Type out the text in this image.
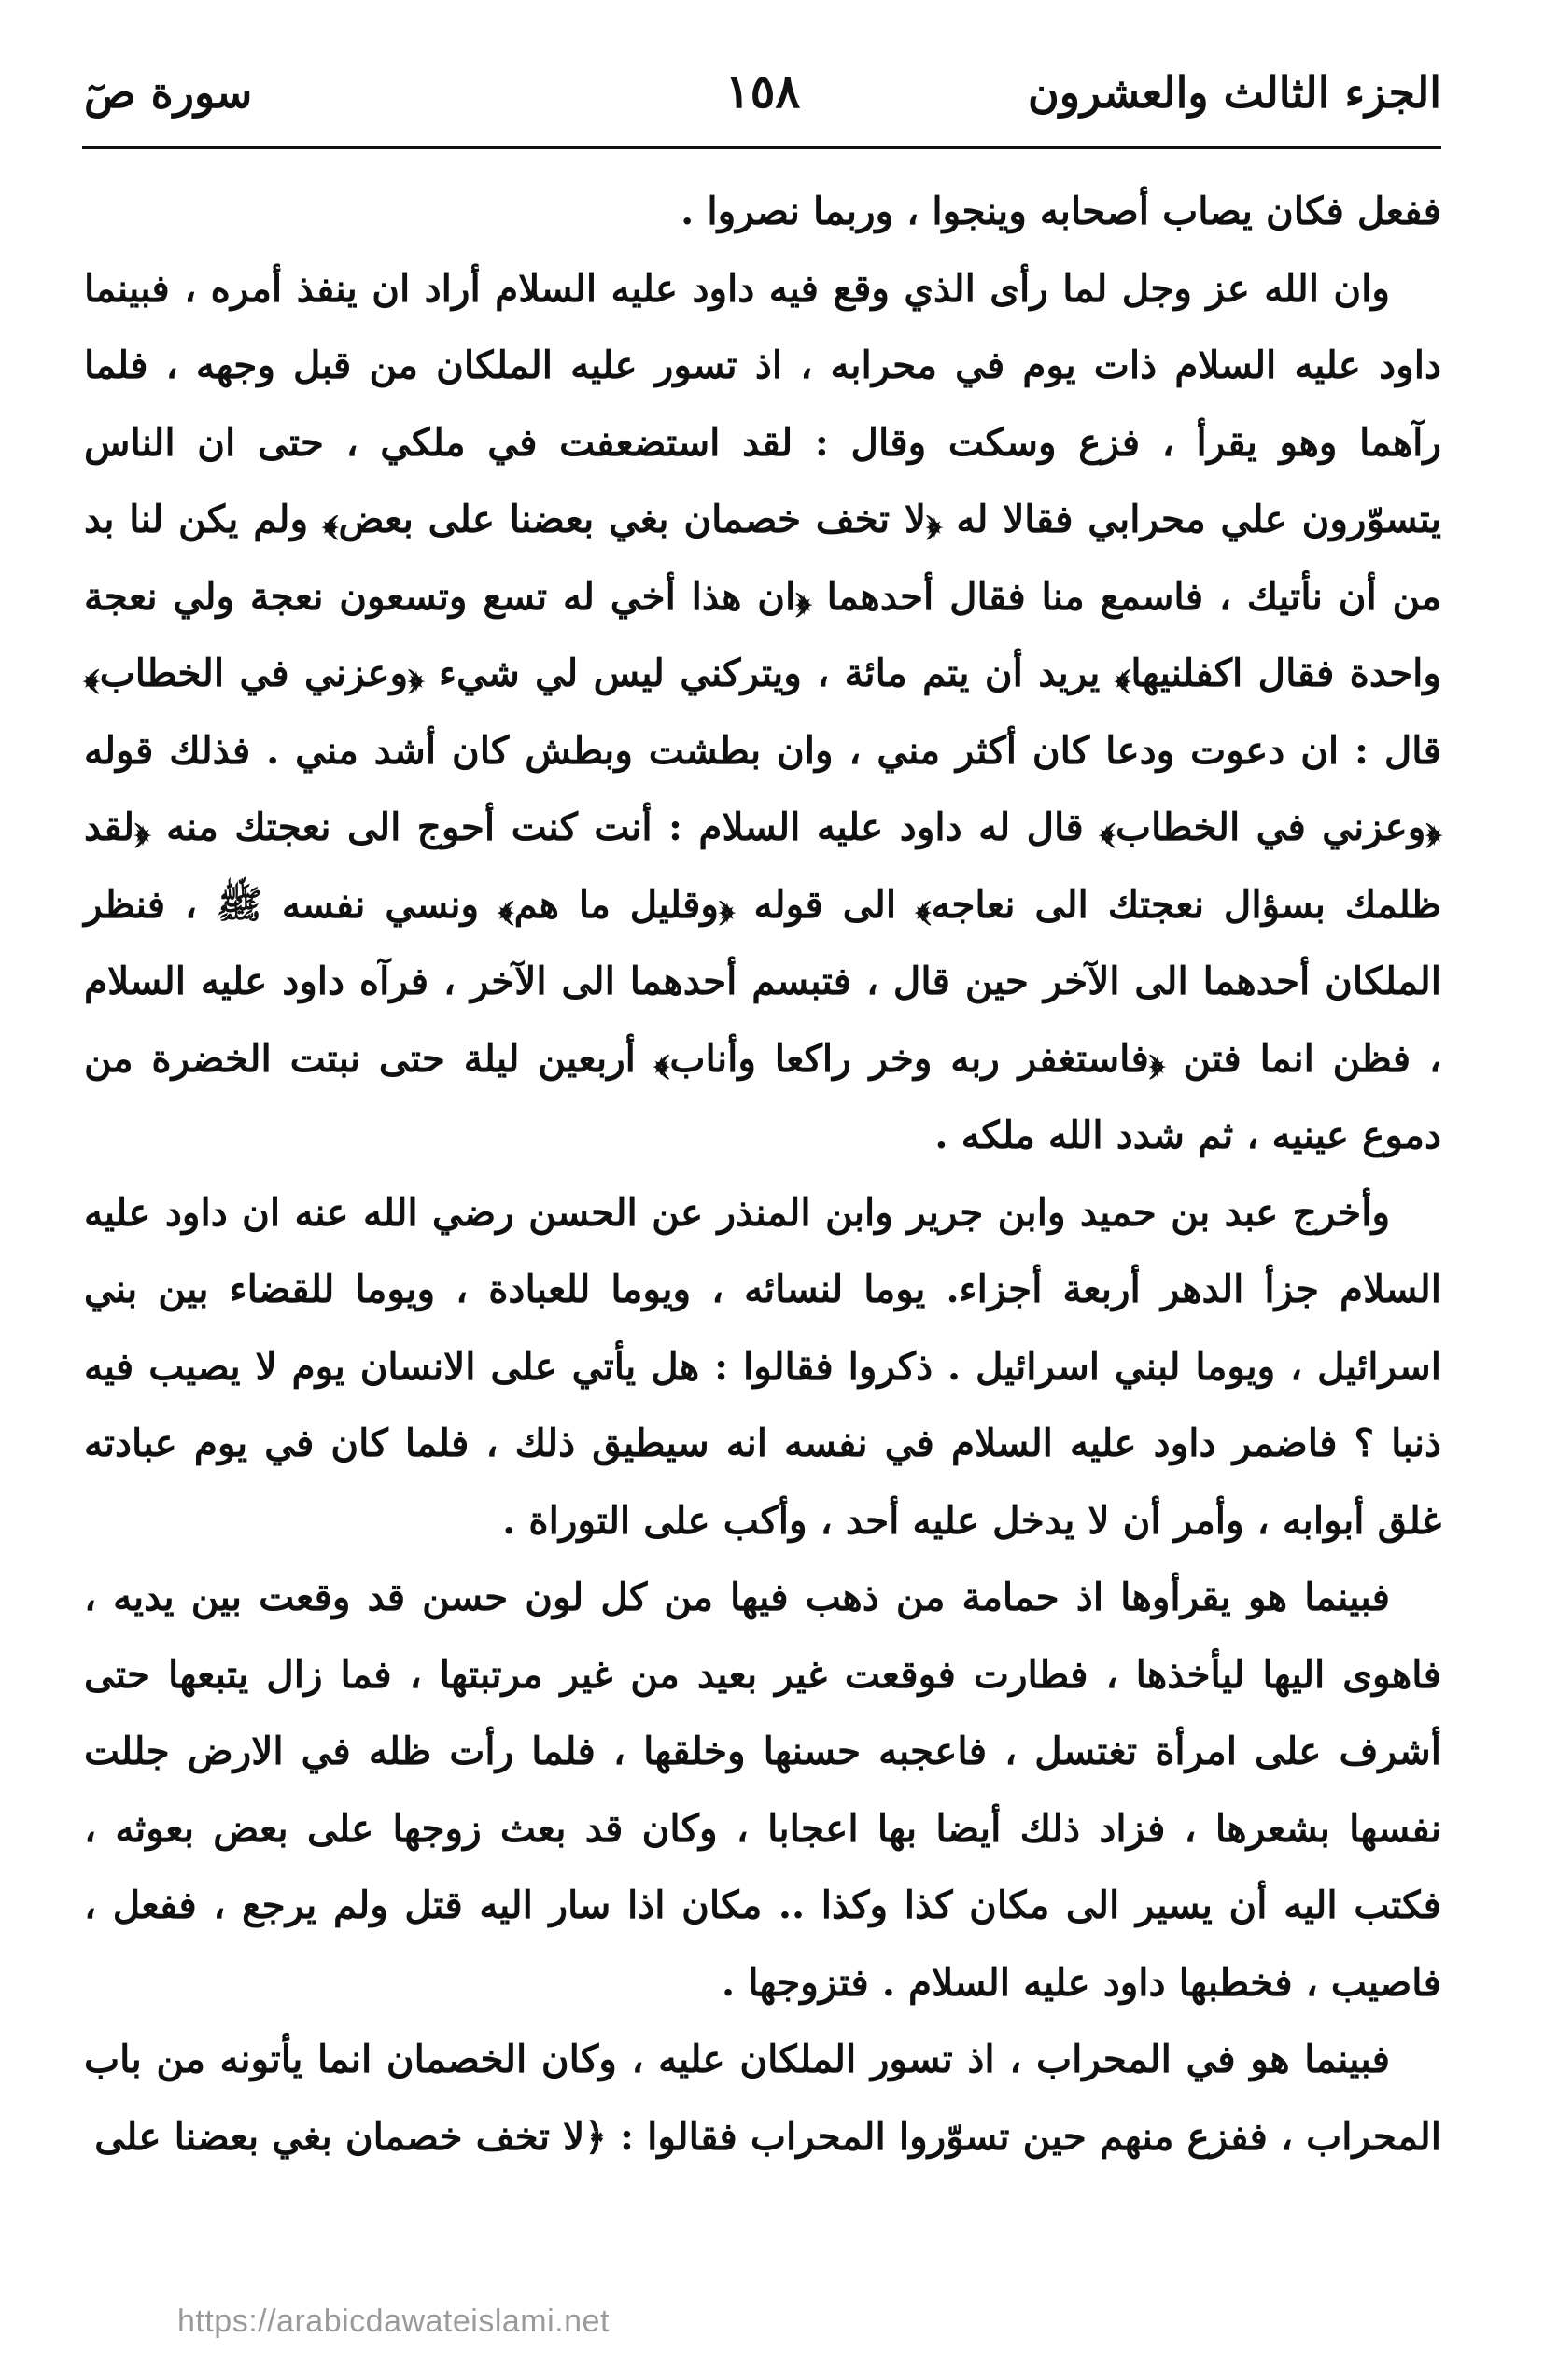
الجزء الثالث والعشرون
١٥٨
سورة صٓ

ففعل فكان يصاب أصحابه وينجوا ، وربما نصروا .

وان الله عز وجل لما رأى الذي وقع فيه داود عليه السلام أراد ان ينفذ أمره ، فبينما داود عليه السلام ذات يوم في محرابه ، اذ تسور عليه الملكان من قبل وجهه ، فلما رآهما وهو يقرأ ، فزع وسكت وقال : لقد استضعفت في ملكي ، حتى ان الناس يتسوّرون علي محرابي فقالا له ﴿لا تخف خصمان بغي بعضنا على بعض﴾ ولم يكن لنا بد من أن نأتيك ، فاسمع منا فقال أحدهما ﴿ان هذا أخي له تسع وتسعون نعجة ولي نعجة واحدة فقال اكفلنيها﴾ يريد أن يتم مائة ، ويتركني ليس لي شيء ﴿وعزني في الخطاب﴾ قال : ان دعوت ودعا كان أكثر مني ، وان بطشت وبطش كان أشد مني . فذلك قوله ﴿وعزني في الخطاب﴾ قال له داود عليه السلام : أنت كنت أحوج الى نعجتك منه ﴿لقد ظلمك بسؤال نعجتك الى نعاجه﴾ الى قوله ﴿وقليل ما هم﴾ ونسي نفسه ﷺ ، فنظر الملكان أحدهما الى الآخر حين قال ، فتبسم أحدهما الى الآخر ، فرآه داود عليه السلام ، فظن انما فتن ﴿فاستغفر ربه وخر راكعا وأناب﴾ أربعين ليلة حتى نبتت الخضرة من دموع عينيه ، ثم شدد الله ملكه .

وأخرج عبد بن حميد وابن جرير وابن المنذر عن الحسن رضي الله عنه ان داود عليه السلام جزأ الدهر أربعة أجزاء. يوما لنسائه ، ويوما للعبادة ، ويوما للقضاء بين بني اسرائيل ، ويوما لبني اسرائيل . ذكروا فقالوا : هل يأتي على الانسان يوم لا يصيب فيه ذنبا ؟ فاضمر داود عليه السلام في نفسه انه سيطيق ذلك ، فلما كان في يوم عبادته غلق أبوابه ، وأمر أن لا يدخل عليه أحد ، وأكب على التوراة .

فبينما هو يقرأوها اذ حمامة من ذهب فيها من كل لون حسن قد وقعت بين يديه ، فاهوى اليها ليأخذها ، فطارت فوقعت غير بعيد من غير مرتبتها ، فما زال يتبعها حتى أشرف على امرأة تغتسل ، فاعجبه حسنها وخلقها ، فلما رأت ظله في الارض جللت نفسها بشعرها ، فزاد ذلك أيضا بها اعجابا ، وكان قد بعث زوجها على بعض بعوثه ، فكتب اليه أن يسير الى مكان كذا وكذا .. مكان اذا سار اليه قتل ولم يرجع ، ففعل ، فاصيب ، فخطبها داود عليه السلام . فتزوجها .

فبينما هو في المحراب ، اذ تسور الملكان عليه ، وكان الخصمان انما يأتونه من باب المحراب ، ففزع منهم حين تسوّروا المحراب فقالوا : ﴿لا تخف خصمان بغي بعضنا على

https://arabicdawateislami.net
